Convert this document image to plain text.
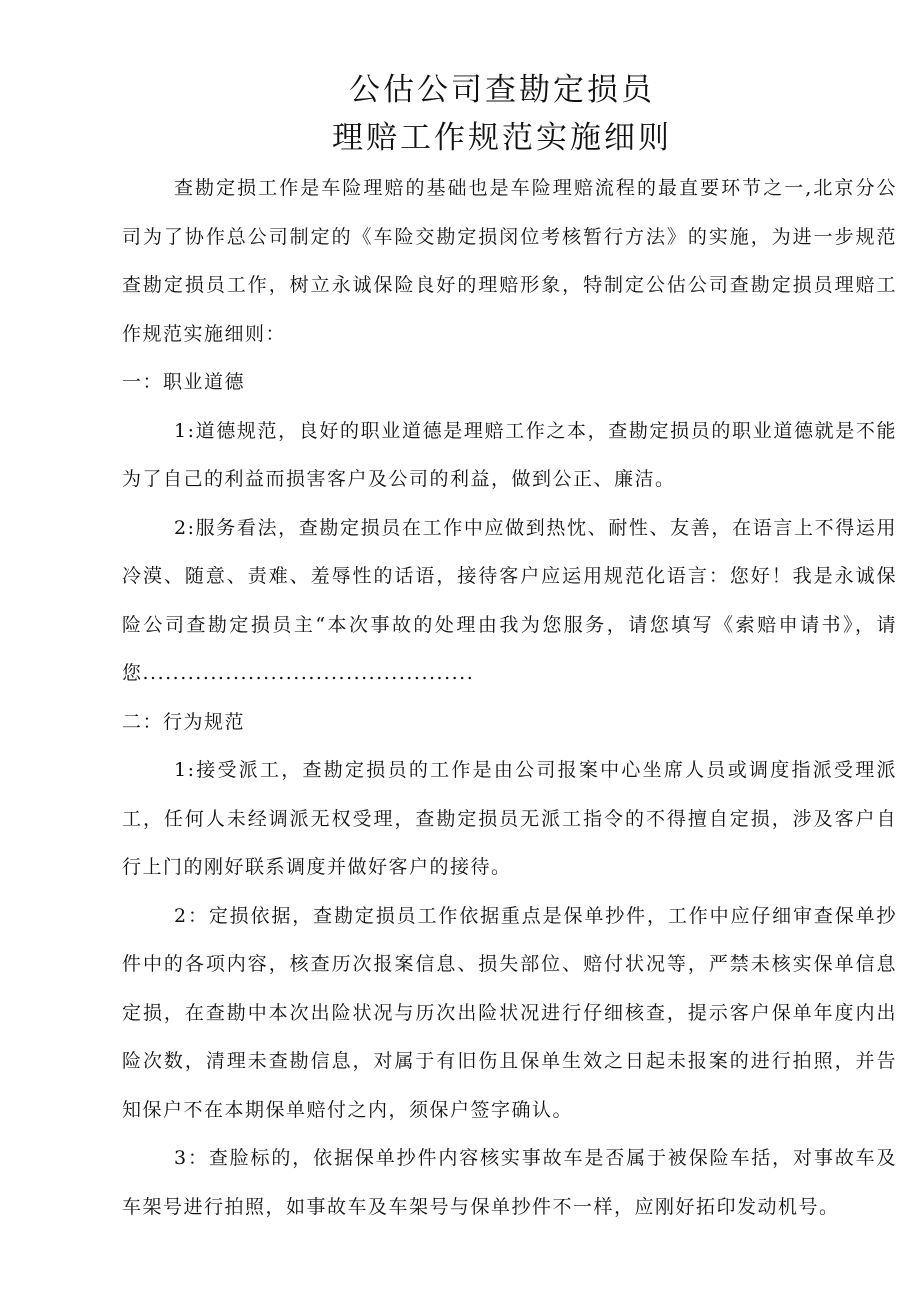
公估公司查勘定损员
理赔工作规范实施细则

查勘定损工作是车险理赔的基础也是车险理赔流程的最直要环节之一,北京分公司为了协作总公司制定的《车险交勘定损闵位考核暂行方法》的实施，为进一步规范查勘定损员工作，树立永诚保险良好的理赔形象，特制定公估公司查勘定损员理赔工作规范实施细则：

一：职业道德

1:道德规范，良好的职业道德是理赔工作之本，查勘定损员的职业道德就是不能为了自己的利益而损害客户及公司的利益，做到公正、廉洁。

2:服务看法，查勘定损员在工作中应做到热忱、耐性、友善，在语言上不得运用冷漠、随意、责难、羞辱性的话语，接待客户应运用规范化语言：您好！我是永诚保险公司查勘定损员主“本次事故的处理由我为您服务，请您填写《索赔申请书》，请您............................................

二：行为规范

1:接受派工，查勘定损员的工作是由公司报案中心坐席人员或调度指派受理派工，任何人未经调派无权受理，查勘定损员无派工指令的不得擅自定损，涉及客户自行上门的刚好联系调度并做好客户的接待。

2：定损依据，查勘定损员工作依据重点是保单抄件，工作中应仔细审查保单抄件中的各项内容，核查历次报案信息、损失部位、赔付状况等，严禁未核实保单信息定损，在查勘中本次出险状况与历次出险状况进行仔细核查，提示客户保单年度内出险次数，清理未查勘信息，对属于有旧伤且保单生效之日起未报案的进行拍照，并告知保户不在本期保单赔付之内，须保户签字确认。

3：查脸标的，依据保单抄件内容核实事故车是否属于被保险车括，对事故车及车架号进行拍照，如事故车及车架号与保单抄件不一样，应刚好拓印发动机号。
